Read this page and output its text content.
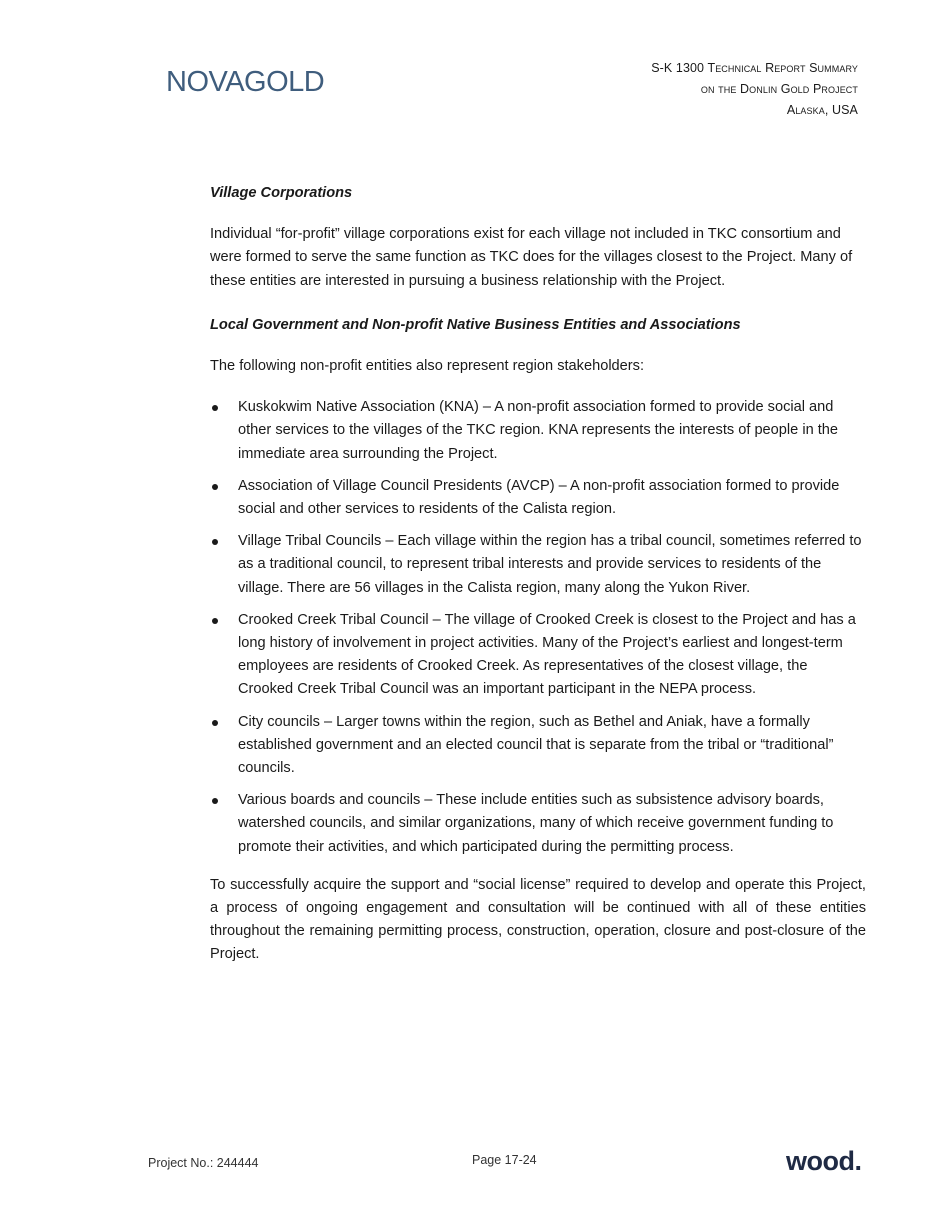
NOVAGOLD	S-K 1300 Technical Report Summary
on the Donlin Gold Project
Alaska, USA

Village Corporations

Individual “for-profit” village corporations exist for each village not included in TKC consortium and were formed to serve the same function as TKC does for the villages closest to the Project. Many of these entities are interested in pursuing a business relationship with the Project.

Local Government and Non-profit Native Business Entities and Associations

The following non-profit entities also represent region stakeholders:

Kuskokwim Native Association (KNA) – A non-profit association formed to provide social and other services to the villages of the TKC region. KNA represents the interests of people in the immediate area surrounding the Project.
Association of Village Council Presidents (AVCP) – A non-profit association formed to provide social and other services to residents of the Calista region.
Village Tribal Councils – Each village within the region has a tribal council, sometimes referred to as a traditional council, to represent tribal interests and provide services to residents of the village. There are 56 villages in the Calista region, many along the Yukon River.
Crooked Creek Tribal Council – The village of Crooked Creek is closest to the Project and has a long history of involvement in project activities. Many of the Project’s earliest and longest-term employees are residents of Crooked Creek. As representatives of the closest village, the Crooked Creek Tribal Council was an important participant in the NEPA process.
City councils – Larger towns within the region, such as Bethel and Aniak, have a formally established government and an elected council that is separate from the tribal or “traditional” councils.
Various boards and councils – These include entities such as subsistence advisory boards, watershed councils, and similar organizations, many of which receive government funding to promote their activities, and which participated during the permitting process.

To successfully acquire the support and “social license” required to develop and operate this Project, a process of ongoing engagement and consultation will be continued with all of these entities throughout the remaining permitting process, construction, operation, closure and post-closure of the Project.

Project No.: 244444	Page 17-24	wood.
